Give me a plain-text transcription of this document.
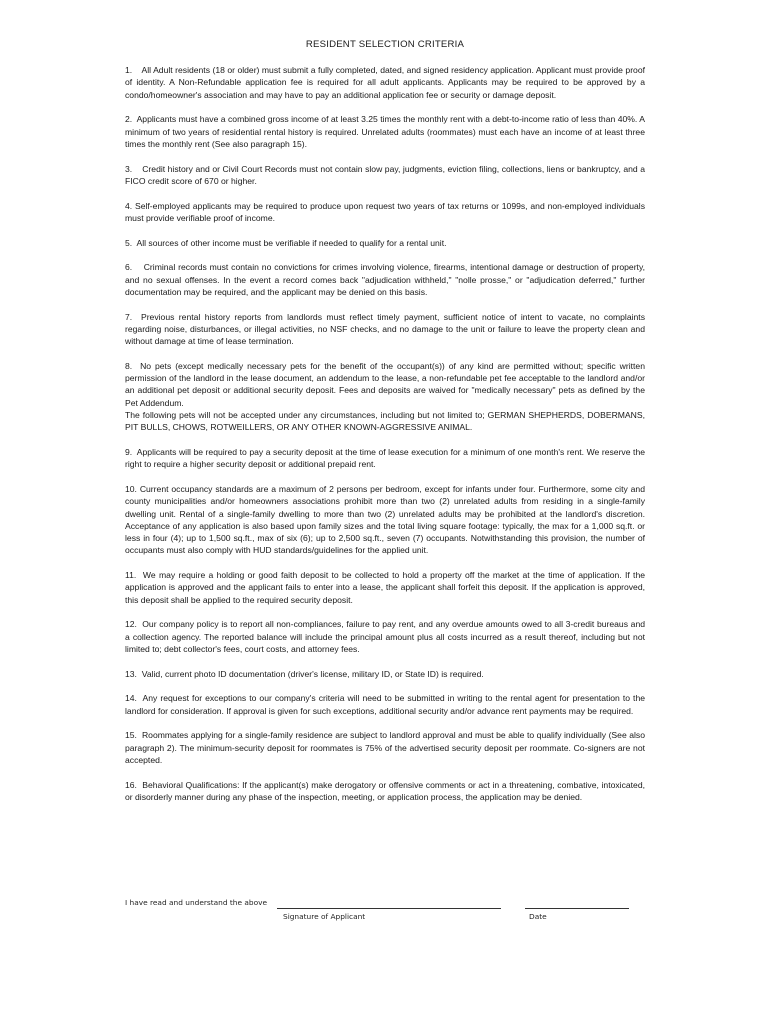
RESIDENT SELECTION CRITERIA

1.    All Adult residents (18 or older) must submit a fully completed, dated, and signed residency application. Applicant must provide proof of identity. A Non-Refundable application fee is required for all adult applicants. Applicants may be required to be approved by a condo/homeowner's association and may have to pay an additional application fee or security or damage deposit.

2.  Applicants must have a combined gross income of at least 3.25 times the monthly rent with a debt-to-income ratio of less than 40%. A minimum of two years of residential rental history is required. Unrelated adults (roommates) must each have an income of at least three times the monthly rent (See also paragraph 15).

3.    Credit history and or Civil Court Records must not contain slow pay, judgments, eviction filing, collections, liens or bankruptcy, and a FICO credit score of 670 or higher.

4. Self-employed applicants may be required to produce upon request two years of tax returns or 1099s, and non-employed individuals must provide verifiable proof of income.

5.  All sources of other income must be verifiable if needed to qualify for a rental unit.

6.    Criminal records must contain no convictions for crimes involving violence, firearms, intentional damage or destruction of property, and no sexual offenses. In the event a record comes back "adjudication withheld," "nolle prosse," or "adjudication deferred," further documentation may be required, and the applicant may be denied on this basis.

7.  Previous rental history reports from landlords must reflect timely payment, sufficient notice of intent to vacate, no complaints regarding noise, disturbances, or illegal activities, no NSF checks, and no damage to the unit or failure to leave the property clean and without damage at time of lease termination.

8.  No pets (except medically necessary pets for the benefit of the occupant(s)) of any kind are permitted without; specific written permission of the landlord in the lease document, an addendum to the lease, a non-refundable pet fee acceptable to the landlord and/or an additional pet deposit or additional security deposit. Fees and deposits are waived for "medically necessary" pets as defined by the Pet Addendum.
The following pets will not be accepted under any circumstances, including but not limited to; GERMAN SHEPHERDS, DOBERMANS, PIT BULLS, CHOWS, ROTWEILLERS, OR ANY OTHER KNOWN-AGGRESSIVE ANIMAL.

9.  Applicants will be required to pay a security deposit at the time of lease execution for a minimum of one month's rent. We reserve the right to require a higher security deposit or additional prepaid rent.

10. Current occupancy standards are a maximum of 2 persons per bedroom, except for infants under four. Furthermore, some city and county municipalities and/or homeowners associations prohibit more than two (2) unrelated adults from residing in a single-family dwelling unit. Rental of a single-family dwelling to more than two (2) unrelated adults may be prohibited at the landlord's discretion. Acceptance of any application is also based upon family sizes and the total living square footage: typically, the max for a 1,000 sq.ft. or less in four (4); up to 1,500 sq.ft., max of six (6); up to 2,500 sq.ft., seven (7) occupants. Notwithstanding this provision, the number of occupants must also comply with HUD standards/guidelines for the applied unit.

11.  We may require a holding or good faith deposit to be collected to hold a property off the market at the time of application. If the application is approved and the applicant fails to enter into a lease, the applicant shall forfeit this deposit. If the application is approved, this deposit shall be applied to the required security deposit.

12.  Our company policy is to report all non-compliances, failure to pay rent, and any overdue amounts owed to all 3-credit bureaus and a collection agency. The reported balance will include the principal amount plus all costs incurred as a result thereof, including but not limited to; debt collector's fees, court costs, and attorney fees.

13.  Valid, current photo ID documentation (driver's license, military ID, or State ID) is required.

14.  Any request for exceptions to our company's criteria will need to be submitted in writing to the rental agent for presentation to the landlord for consideration. If approval is given for such exceptions, additional security and/or advance rent payments may be required.

15.  Roommates applying for a single-family residence are subject to landlord approval and must be able to qualify individually (See also paragraph 2). The minimum-security deposit for roommates is 75% of the advertised security deposit per roommate. Co-signers are not accepted.

16.  Behavioral Qualifications: If the applicant(s) make derogatory or offensive comments or act in a threatening, combative, intoxicated, or disorderly manner during any phase of the inspection, meeting, or application process, the application may be denied.

I have read and understand the above
Signature of Applicant	Date
